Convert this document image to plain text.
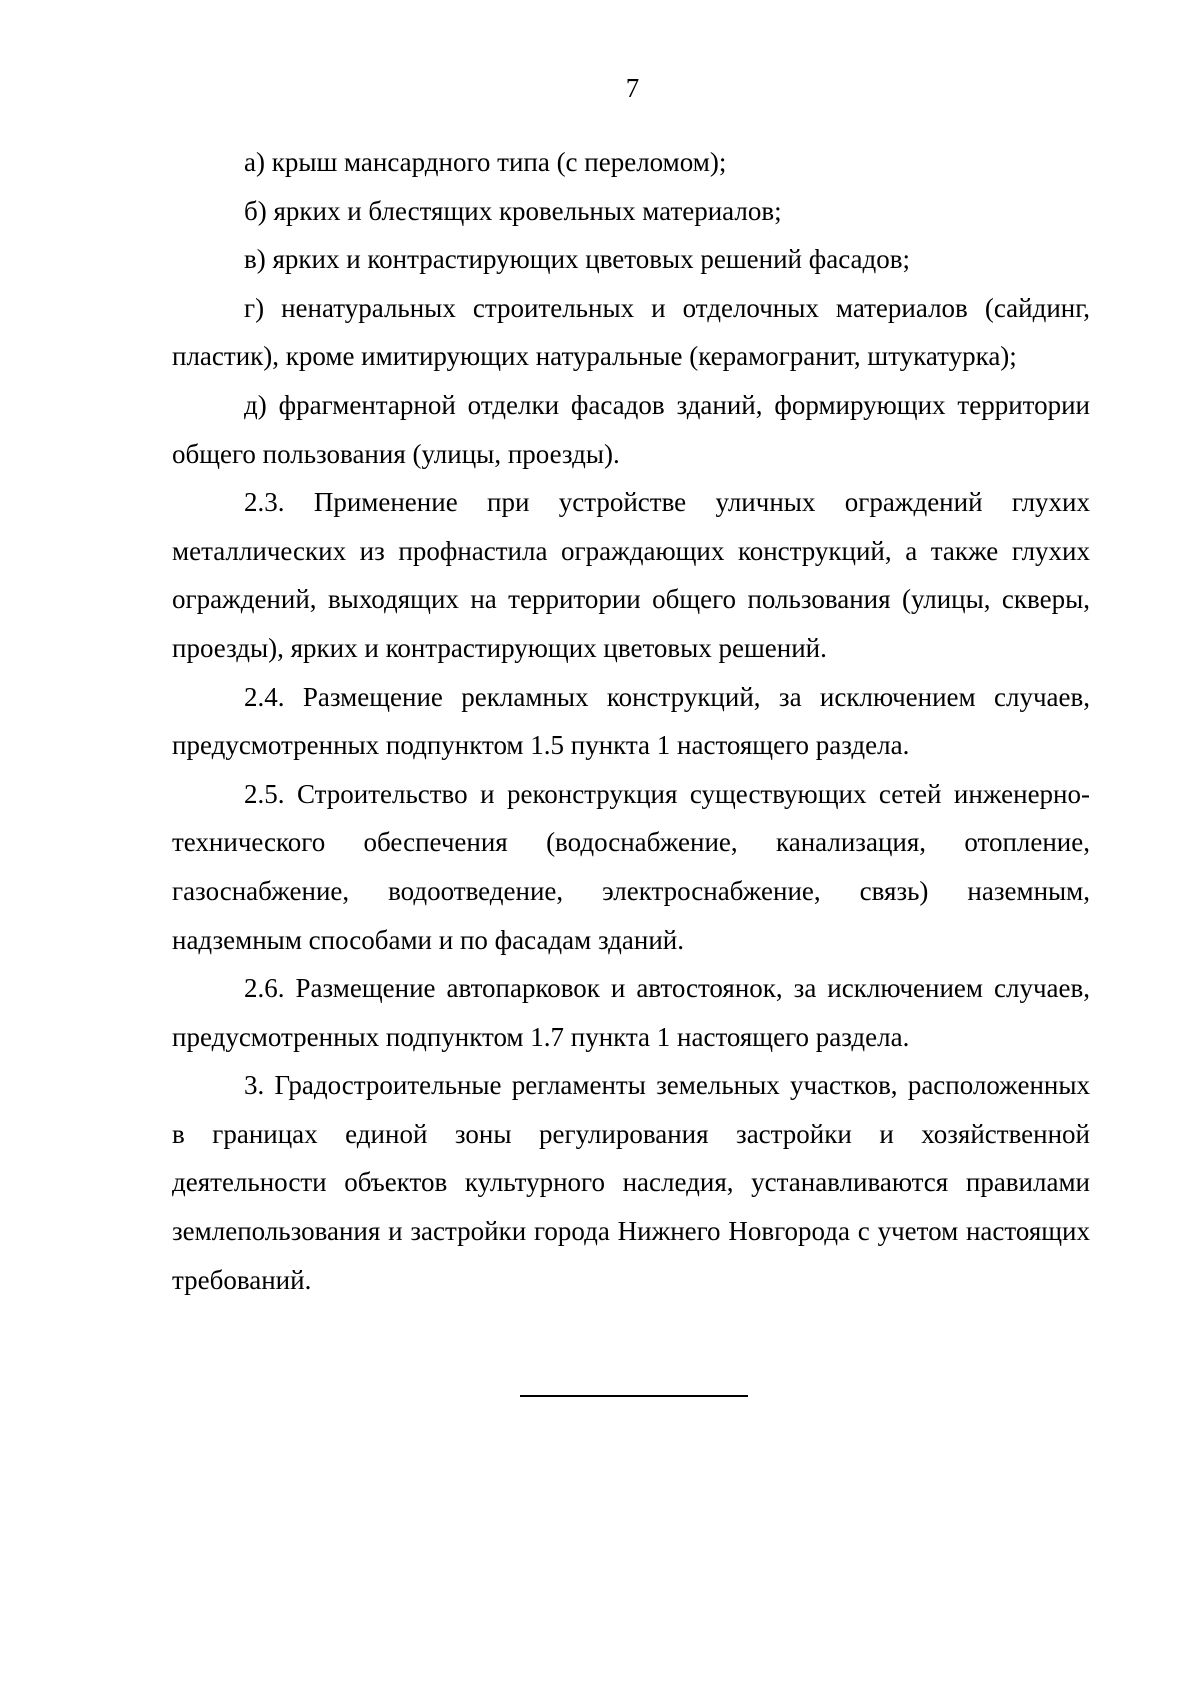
7

а) крыш мансардного типа (с переломом);

б) ярких и блестящих кровельных материалов;

в) ярких и контрастирующих цветовых решений фасадов;

г) ненатуральных строительных и отделочных материалов (сайдинг, пластик), кроме имитирующих натуральные (керамогранит, штукатурка);

д) фрагментарной отделки фасадов зданий, формирующих территории общего пользования (улицы, проезды).

2.3. Применение при устройстве уличных ограждений глухих металлических из профнастила ограждающих конструкций, а также глухих ограждений, выходящих на территории общего пользования (улицы, скверы, проезды), ярких и контрастирующих цветовых решений.

2.4. Размещение рекламных конструкций, за исключением случаев, предусмотренных подпунктом 1.5 пункта 1 настоящего раздела.

2.5. Строительство и реконструкция существующих сетей инженерно-технического обеспечения (водоснабжение, канализация, отопление, газоснабжение, водоотведение, электроснабжение, связь) наземным, надземным способами и по фасадам зданий.

2.6. Размещение автопарковок и автостоянок, за исключением случаев, предусмотренных подпунктом 1.7 пункта 1 настоящего раздела.

3. Градостроительные регламенты земельных участков, расположенных в границах единой зоны регулирования застройки и хозяйственной деятельности объектов культурного наследия, устанавливаются правилами землепользования и застройки города Нижнего Новгорода с учетом настоящих требований.
